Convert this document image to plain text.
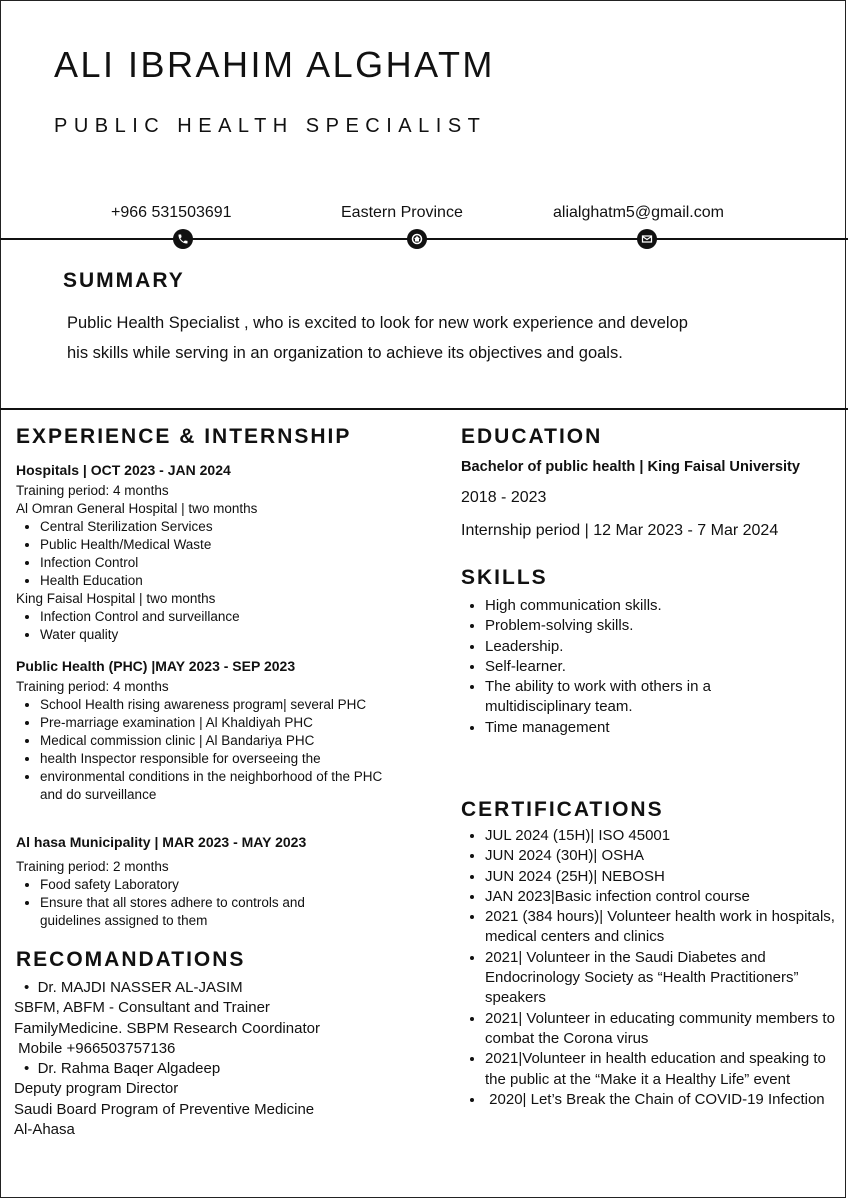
ALI IBRAHIM ALGHATM
PUBLIC HEALTH SPECIALIST
+966 531503691	Eastern Province	alialghatm5@gmail.com
SUMMARY
Public Health Specialist , who is excited to look for new work experience and develop
his skills while serving in an organization to achieve its objectives and goals.
EXPERIENCE & INTERNSHIP
Hospitals | OCT 2023 - JAN 2024
Training period: 4 months
Al Omran General Hospital | two months
• Central Sterilization Services
• Public Health/Medical Waste
• Infection Control
• Health Education
King Faisal Hospital | two months
• Infection Control and surveillance
• Water quality
Public Health (PHC) |MAY 2023 - SEP 2023
Training period: 4 months
• School Health rising awareness program| several PHC
• Pre-marriage examination | Al Khaldiyah PHC
• Medical commission clinic | Al Bandariya PHC
• health Inspector responsible for overseeing the
• environmental conditions in the neighborhood of the PHC and do surveillance
Al hasa Municipality | MAR 2023 - MAY 2023
Training period: 2 months
• Food safety Laboratory
• Ensure that all stores adhere to controls and guidelines assigned to them
RECOMANDATIONS
•  Dr. MAJDI NASSER AL-JASIM
SBFM, ABFM - Consultant and Trainer
FamilyMedicine. SBPM Research Coordinator
Mobile +966503757136
•  Dr. Rahma Baqer Algadeep
Deputy program Director
Saudi Board Program of Preventive Medicine
Al-Ahasa
EDUCATION
Bachelor of public health | King Faisal University
2018 - 2023
Internship period | 12 Mar 2023 - 7 Mar 2024
SKILLS
• High communication skills.
• Problem-solving skills.
• Leadership.
• Self-learner.
• The ability to work with others in a multidisciplinary team.
• Time management
CERTIFICATIONS
• JUL 2024 (15H)| ISO 45001
• JUN 2024 (30H)| OSHA
• JUN 2024 (25H)| NEBOSH
• JAN 2023|Basic infection control course
• 2021 (384 hours)| Volunteer health work in hospitals, medical centers and clinics
• 2021| Volunteer in the Saudi Diabetes and Endocrinology Society as “Health Practitioners” speakers
• 2021| Volunteer in educating community members to combat the Corona virus
• 2021|Volunteer in health education and speaking to the public at the “Make it a Healthy Life” event
•  2020| Let’s Break the Chain of COVID-19 Infection
